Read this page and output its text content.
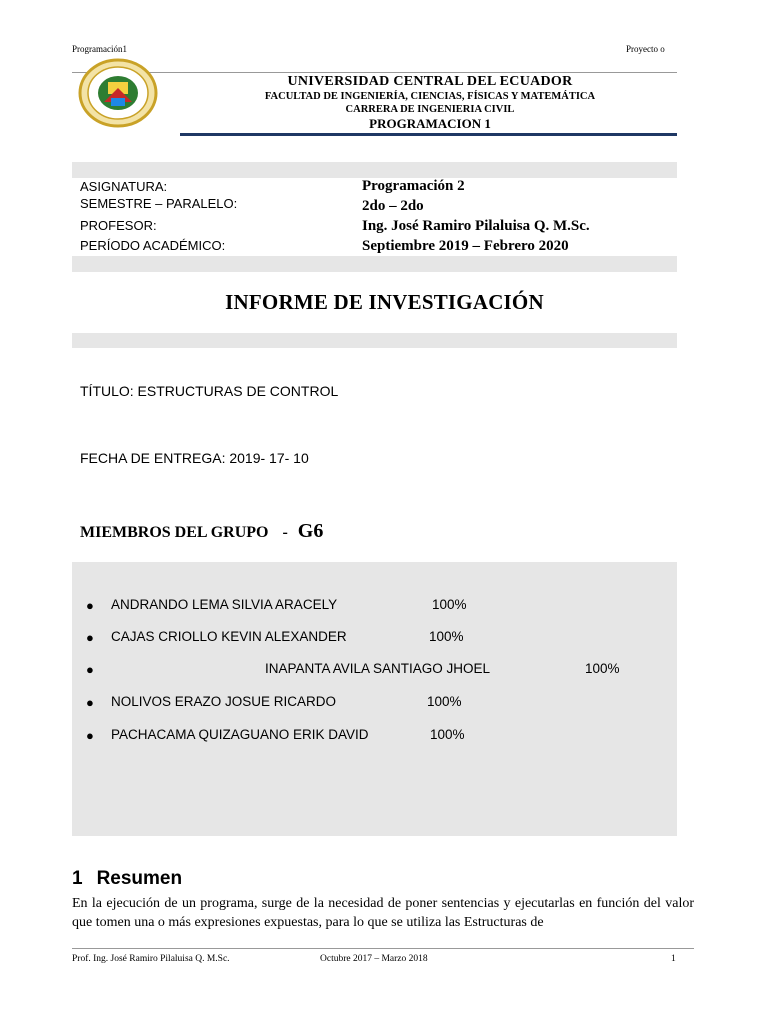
Programación1	Proyecto o
UNIVERSIDAD CENTRAL DEL ECUADOR
FACULTAD DE INGENIERÍA, CIENCIAS, FÍSICAS Y MATEMÁTICA
CARRERA DE INGENIERIA CIVIL
PROGRAMACION 1
ASIGNATURA:	Programación 2
SEMESTRE – PARALELO:	2do – 2do
PROFESOR:	Ing. José Ramiro Pilaluisa Q. M.Sc.
PERÍODO ACADÉMICO:	Septiembre 2019 – Febrero 2020
INFORME DE INVESTIGACIÓN
TÍTULO: ESTRUCTURAS DE CONTROL
FECHA DE ENTREGA: 2019- 17- 10
MIEMBROS DEL GRUPO - G6
● ANDRANDO LEMA SILVIA ARACELY	100%
● CAJAS CRIOLLO KEVIN ALEXANDER	100%
●	INAPANTA AVILA SANTIAGO JHOEL	100%
● NOLIVOS ERAZO JOSUE RICARDO	100%
● PACHACAMA QUIZAGUANO ERIK DAVID	100%
1 Resumen
En la ejecución de un programa, surge de la necesidad de poner sentencias y ejecutarlas en función del valor que tomen una o más expresiones expuestas, para lo que se utiliza las Estructuras de
Prof. Ing. José Ramiro Pilaluisa Q. M.Sc.	Octubre 2017 – Marzo 2018	1
